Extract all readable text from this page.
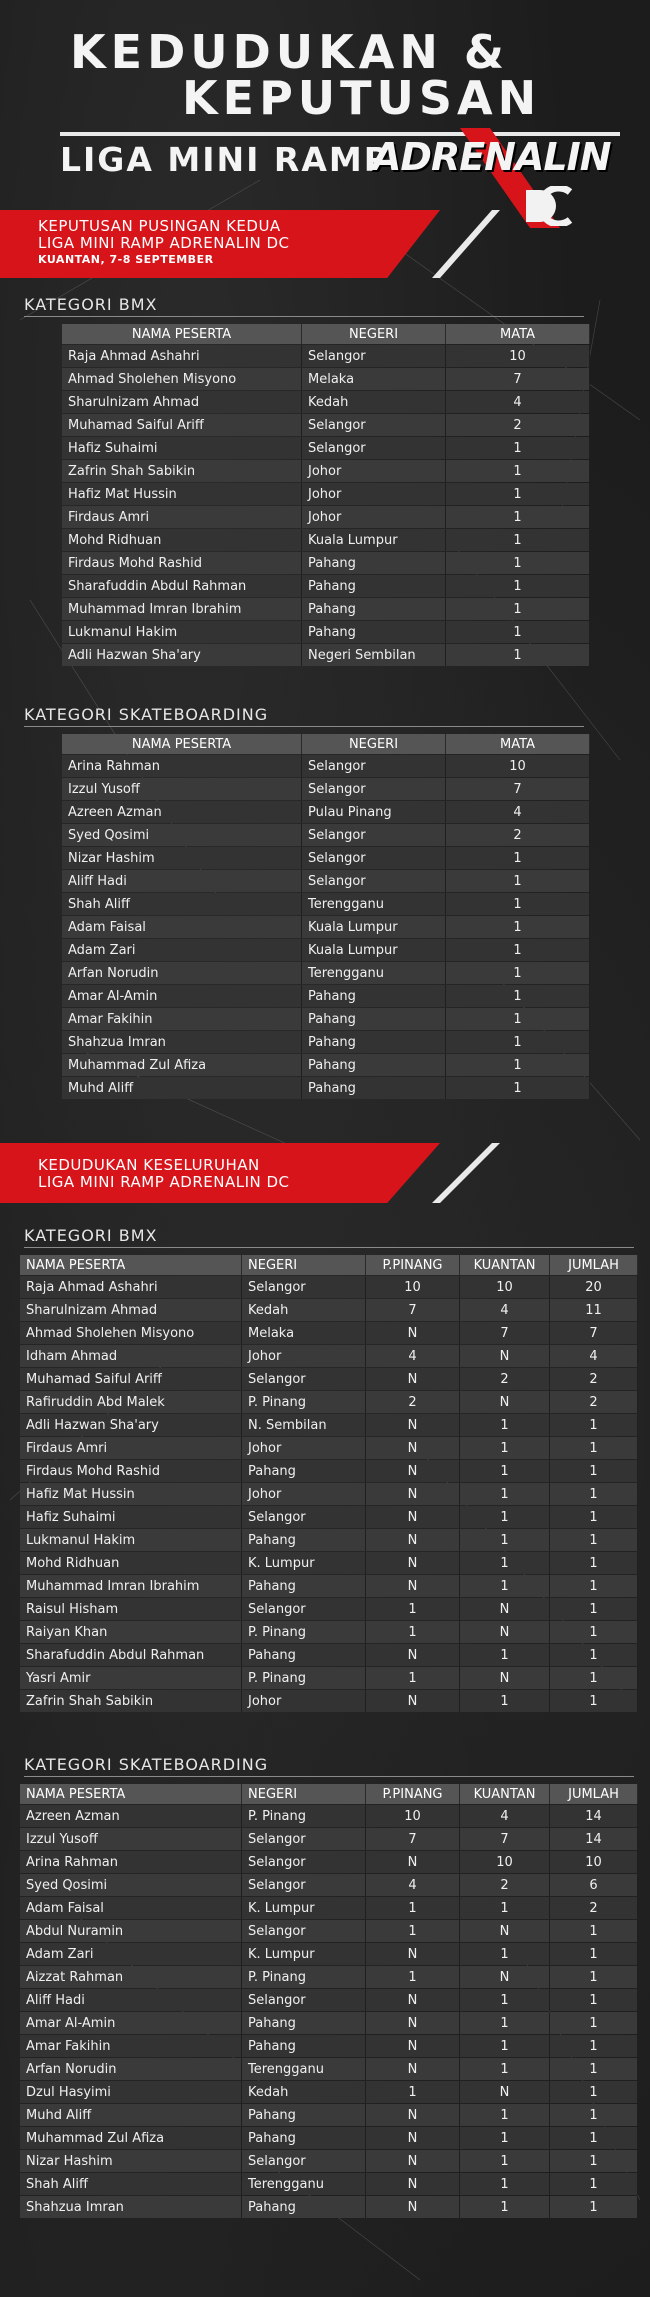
KEDUDUKAN &
KEPUTUSAN
LIGA MINI RAMP
ADRENALIN
KEPUTUSAN PUSINGAN KEDUA
LIGA MINI RAMP ADRENALIN DC
KUANTAN, 7-8 SEPTEMBER
KATEGORI BMX
NAMA PESERTA	NEGERI	MATA
Raja Ahmad Ashahri	Selangor	10
Ahmad Sholehen Misyono	Melaka	7
Sharulnizam Ahmad	Kedah	4
Muhamad Saiful Ariff	Selangor	2
Hafiz Suhaimi	Selangor	1
Zafrin Shah Sabikin	Johor	1
Hafiz Mat Hussin	Johor	1
Firdaus Amri	Johor	1
Mohd Ridhuan	Kuala Lumpur	1
Firdaus Mohd Rashid	Pahang	1
Sharafuddin Abdul Rahman	Pahang	1
Muhammad Imran Ibrahim	Pahang	1
Lukmanul Hakim	Pahang	1
Adli Hazwan Sha'ary	Negeri Sembilan	1
KATEGORI SKATEBOARDING
NAMA PESERTA	NEGERI	MATA
Arina Rahman	Selangor	10
Izzul Yusoff	Selangor	7
Azreen Azman	Pulau Pinang	4
Syed Qosimi	Selangor	2
Nizar Hashim	Selangor	1
Aliff Hadi	Selangor	1
Shah Aliff	Terengganu	1
Adam Faisal	Kuala Lumpur	1
Adam Zari	Kuala Lumpur	1
Arfan Norudin	Terengganu	1
Amar Al-Amin	Pahang	1
Amar Fakihin	Pahang	1
Shahzua Imran	Pahang	1
Muhammad Zul Afiza	Pahang	1
Muhd Aliff	Pahang	1
KEDUDUKAN KESELURUHAN
LIGA MINI RAMP ADRENALIN DC
KATEGORI BMX
NAMA PESERTA	NEGERI	P.PINANG	KUANTAN	JUMLAH
Raja Ahmad Ashahri	Selangor	10	10	20
Sharulnizam Ahmad	Kedah	7	4	11
Ahmad Sholehen Misyono	Melaka	N	7	7
Idham Ahmad	Johor	4	N	4
Muhamad Saiful Ariff	Selangor	N	2	2
Rafiruddin Abd Malek	P. Pinang	2	N	2
Adli Hazwan Sha'ary	N. Sembilan	N	1	1
Firdaus Amri	Johor	N	1	1
Firdaus Mohd Rashid	Pahang	N	1	1
Hafiz Mat Hussin	Johor	N	1	1
Hafiz Suhaimi	Selangor	N	1	1
Lukmanul Hakim	Pahang	N	1	1
Mohd Ridhuan	K. Lumpur	N	1	1
Muhammad Imran Ibrahim	Pahang	N	1	1
Raisul Hisham	Selangor	1	N	1
Raiyan Khan	P. Pinang	1	N	1
Sharafuddin Abdul Rahman	Pahang	N	1	1
Yasri Amir	P. Pinang	1	N	1
Zafrin Shah Sabikin	Johor	N	1	1
KATEGORI SKATEBOARDING
NAMA PESERTA	NEGERI	P.PINANG	KUANTAN	JUMLAH
Azreen Azman	P. Pinang	10	4	14
Izzul Yusoff	Selangor	7	7	14
Arina Rahman	Selangor	N	10	10
Syed Qosimi	Selangor	4	2	6
Adam Faisal	K. Lumpur	1	1	2
Abdul Nuramin	Selangor	1	N	1
Adam Zari	K. Lumpur	N	1	1
Aizzat Rahman	P. Pinang	1	N	1
Aliff Hadi	Selangor	N	1	1
Amar Al-Amin	Pahang	N	1	1
Amar Fakihin	Pahang	N	1	1
Arfan Norudin	Terengganu	N	1	1
Dzul Hasyimi	Kedah	1	N	1
Muhd Aliff	Pahang	N	1	1
Muhammad Zul Afiza	Pahang	N	1	1
Nizar Hashim	Selangor	N	1	1
Shah Aliff	Terengganu	N	1	1
Shahzua Imran	Pahang	N	1	1
